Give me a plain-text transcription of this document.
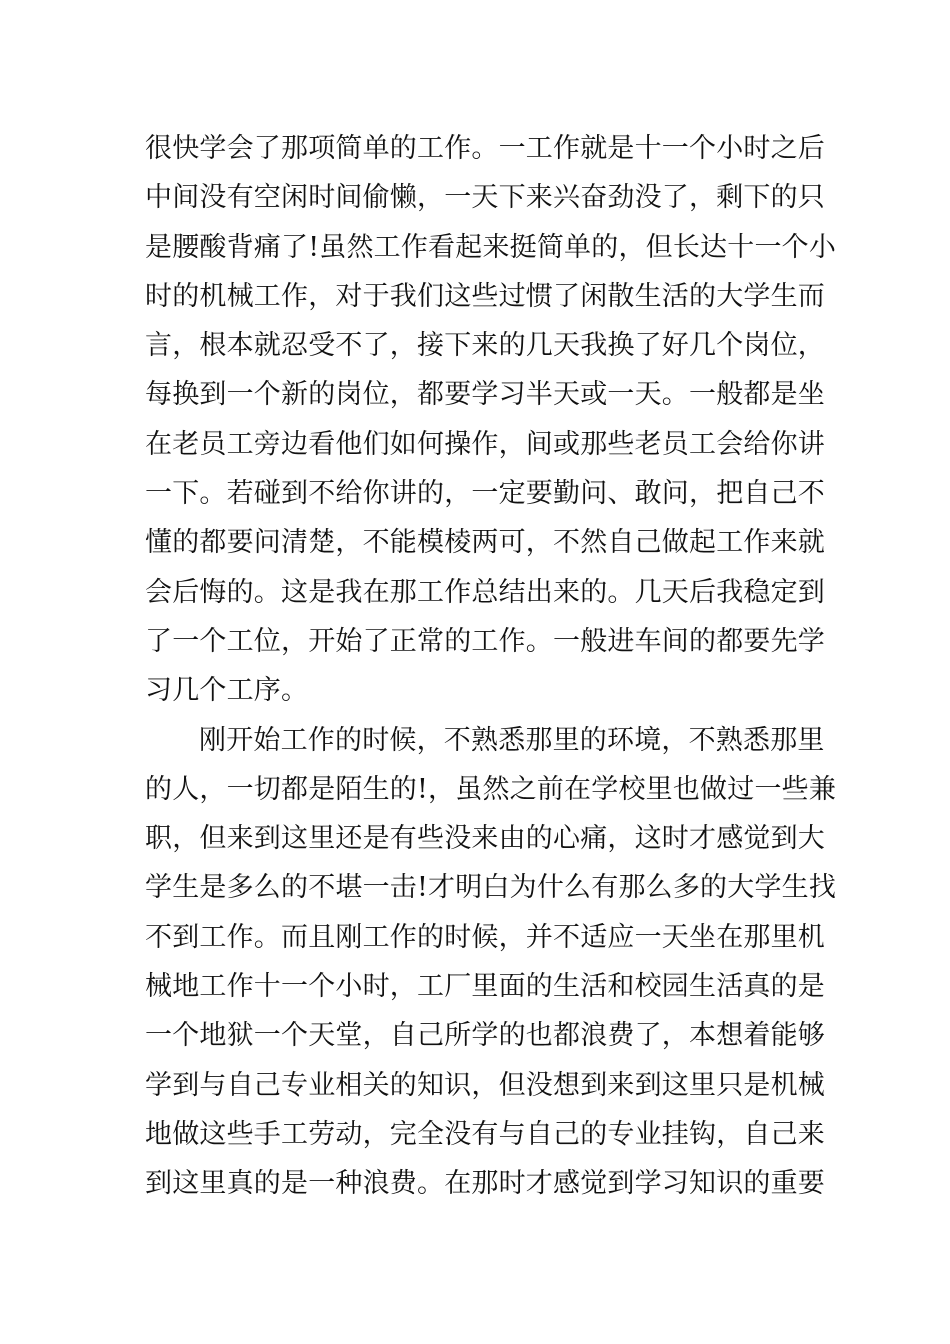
很快学会了那项简单的工作。一工作就是十一个小时之后
中间没有空闲时间偷懒，一天下来兴奋劲没了，剩下的只
是腰酸背痛了!虽然工作看起来挺简单的，但长达十一个小
时的机械工作，对于我们这些过惯了闲散生活的大学生而
言，根本就忍受不了，接下来的几天我换了好几个岗位，
每换到一个新的岗位，都要学习半天或一天。一般都是坐
在老员工旁边看他们如何操作，间或那些老员工会给你讲
一下。若碰到不给你讲的，一定要勤问、敢问，把自己不
懂的都要问清楚，不能模棱两可，不然自己做起工作来就
会后悔的。这是我在那工作总结出来的。几天后我稳定到
了一个工位，开始了正常的工作。一般进车间的都要先学
习几个工序。
刚开始工作的时候，不熟悉那里的环境，不熟悉那里
的人，一切都是陌生的!，虽然之前在学校里也做过一些兼
职，但来到这里还是有些没来由的心痛，这时才感觉到大
学生是多么的不堪一击!才明白为什么有那么多的大学生找
不到工作。而且刚工作的时候，并不适应一天坐在那里机
械地工作十一个小时，工厂里面的生活和校园生活真的是
一个地狱一个天堂，自己所学的也都浪费了，本想着能够
学到与自己专业相关的知识，但没想到来到这里只是机械
地做这些手工劳动，完全没有与自己的专业挂钩，自己来
到这里真的是一种浪费。在那时才感觉到学习知识的重要
